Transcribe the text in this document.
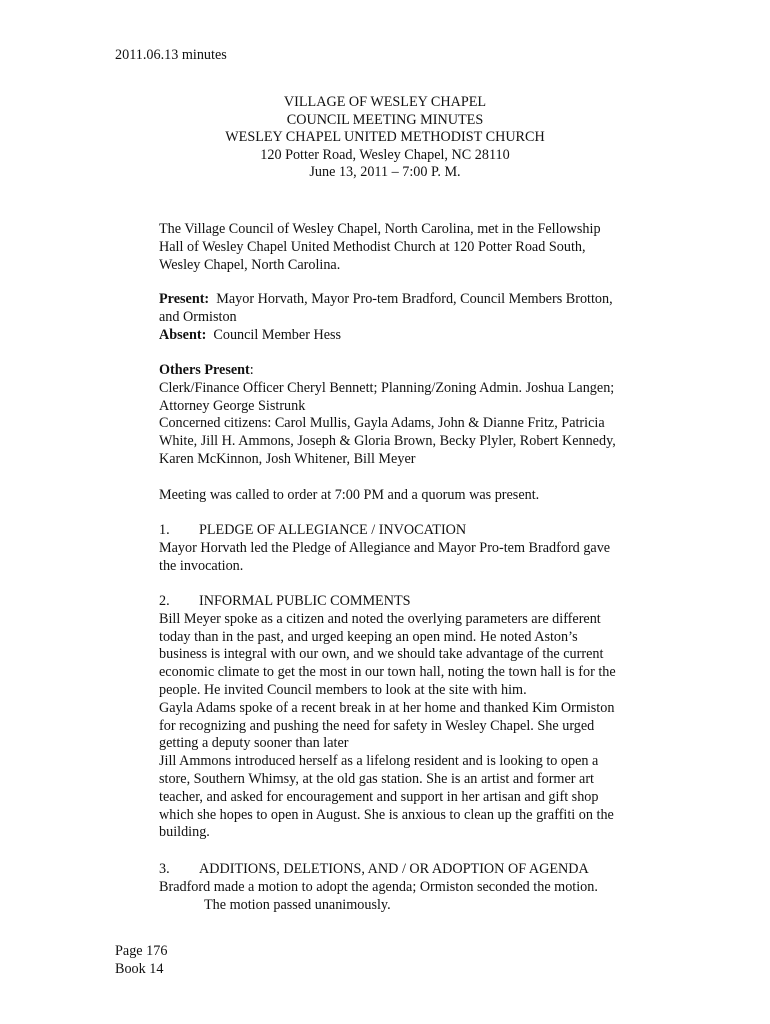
2011.06.13 minutes
VILLAGE OF WESLEY CHAPEL
COUNCIL MEETING MINUTES
WESLEY CHAPEL UNITED METHODIST CHURCH
120 Potter Road, Wesley Chapel, NC 28110
June 13, 2011 – 7:00 P. M.
The Village Council of Wesley Chapel, North Carolina, met in the Fellowship
Hall of Wesley Chapel United Methodist Church at 120 Potter Road South,
Wesley Chapel, North Carolina.
Present: Mayor Horvath, Mayor Pro-tem Bradford, Council Members Brotton,
and Ormiston
Absent: Council Member Hess
Others Present:
Clerk/Finance Officer Cheryl Bennett; Planning/Zoning Admin. Joshua Langen;
Attorney George Sistrunk
Concerned citizens: Carol Mullis, Gayla Adams, John & Dianne Fritz, Patricia
White, Jill H. Ammons, Joseph & Gloria Brown, Becky Plyler, Robert Kennedy,
Karen McKinnon, Josh Whitener, Bill Meyer
Meeting was called to order at 7:00 PM and a quorum was present.
1. PLEDGE OF ALLEGIANCE / INVOCATION
Mayor Horvath led the Pledge of Allegiance and Mayor Pro-tem Bradford gave
the invocation.
2. INFORMAL PUBLIC COMMENTS
Bill Meyer spoke as a citizen and noted the overlying parameters are different
today than in the past, and urged keeping an open mind. He noted Aston’s
business is integral with our own, and we should take advantage of the current
economic climate to get the most in our town hall, noting the town hall is for the
people. He invited Council members to look at the site with him.
Gayla Adams spoke of a recent break in at her home and thanked Kim Ormiston
for recognizing and pushing the need for safety in Wesley Chapel. She urged
getting a deputy sooner than later
Jill Ammons introduced herself as a lifelong resident and is looking to open a
store, Southern Whimsy, at the old gas station. She is an artist and former art
teacher, and asked for encouragement and support in her artisan and gift shop
which she hopes to open in August. She is anxious to clean up the graffiti on the
building.
3. ADDITIONS, DELETIONS, AND / OR ADOPTION OF AGENDA
Bradford made a motion to adopt the agenda; Ormiston seconded the motion.
The motion passed unanimously.
Page 176
Book 14
